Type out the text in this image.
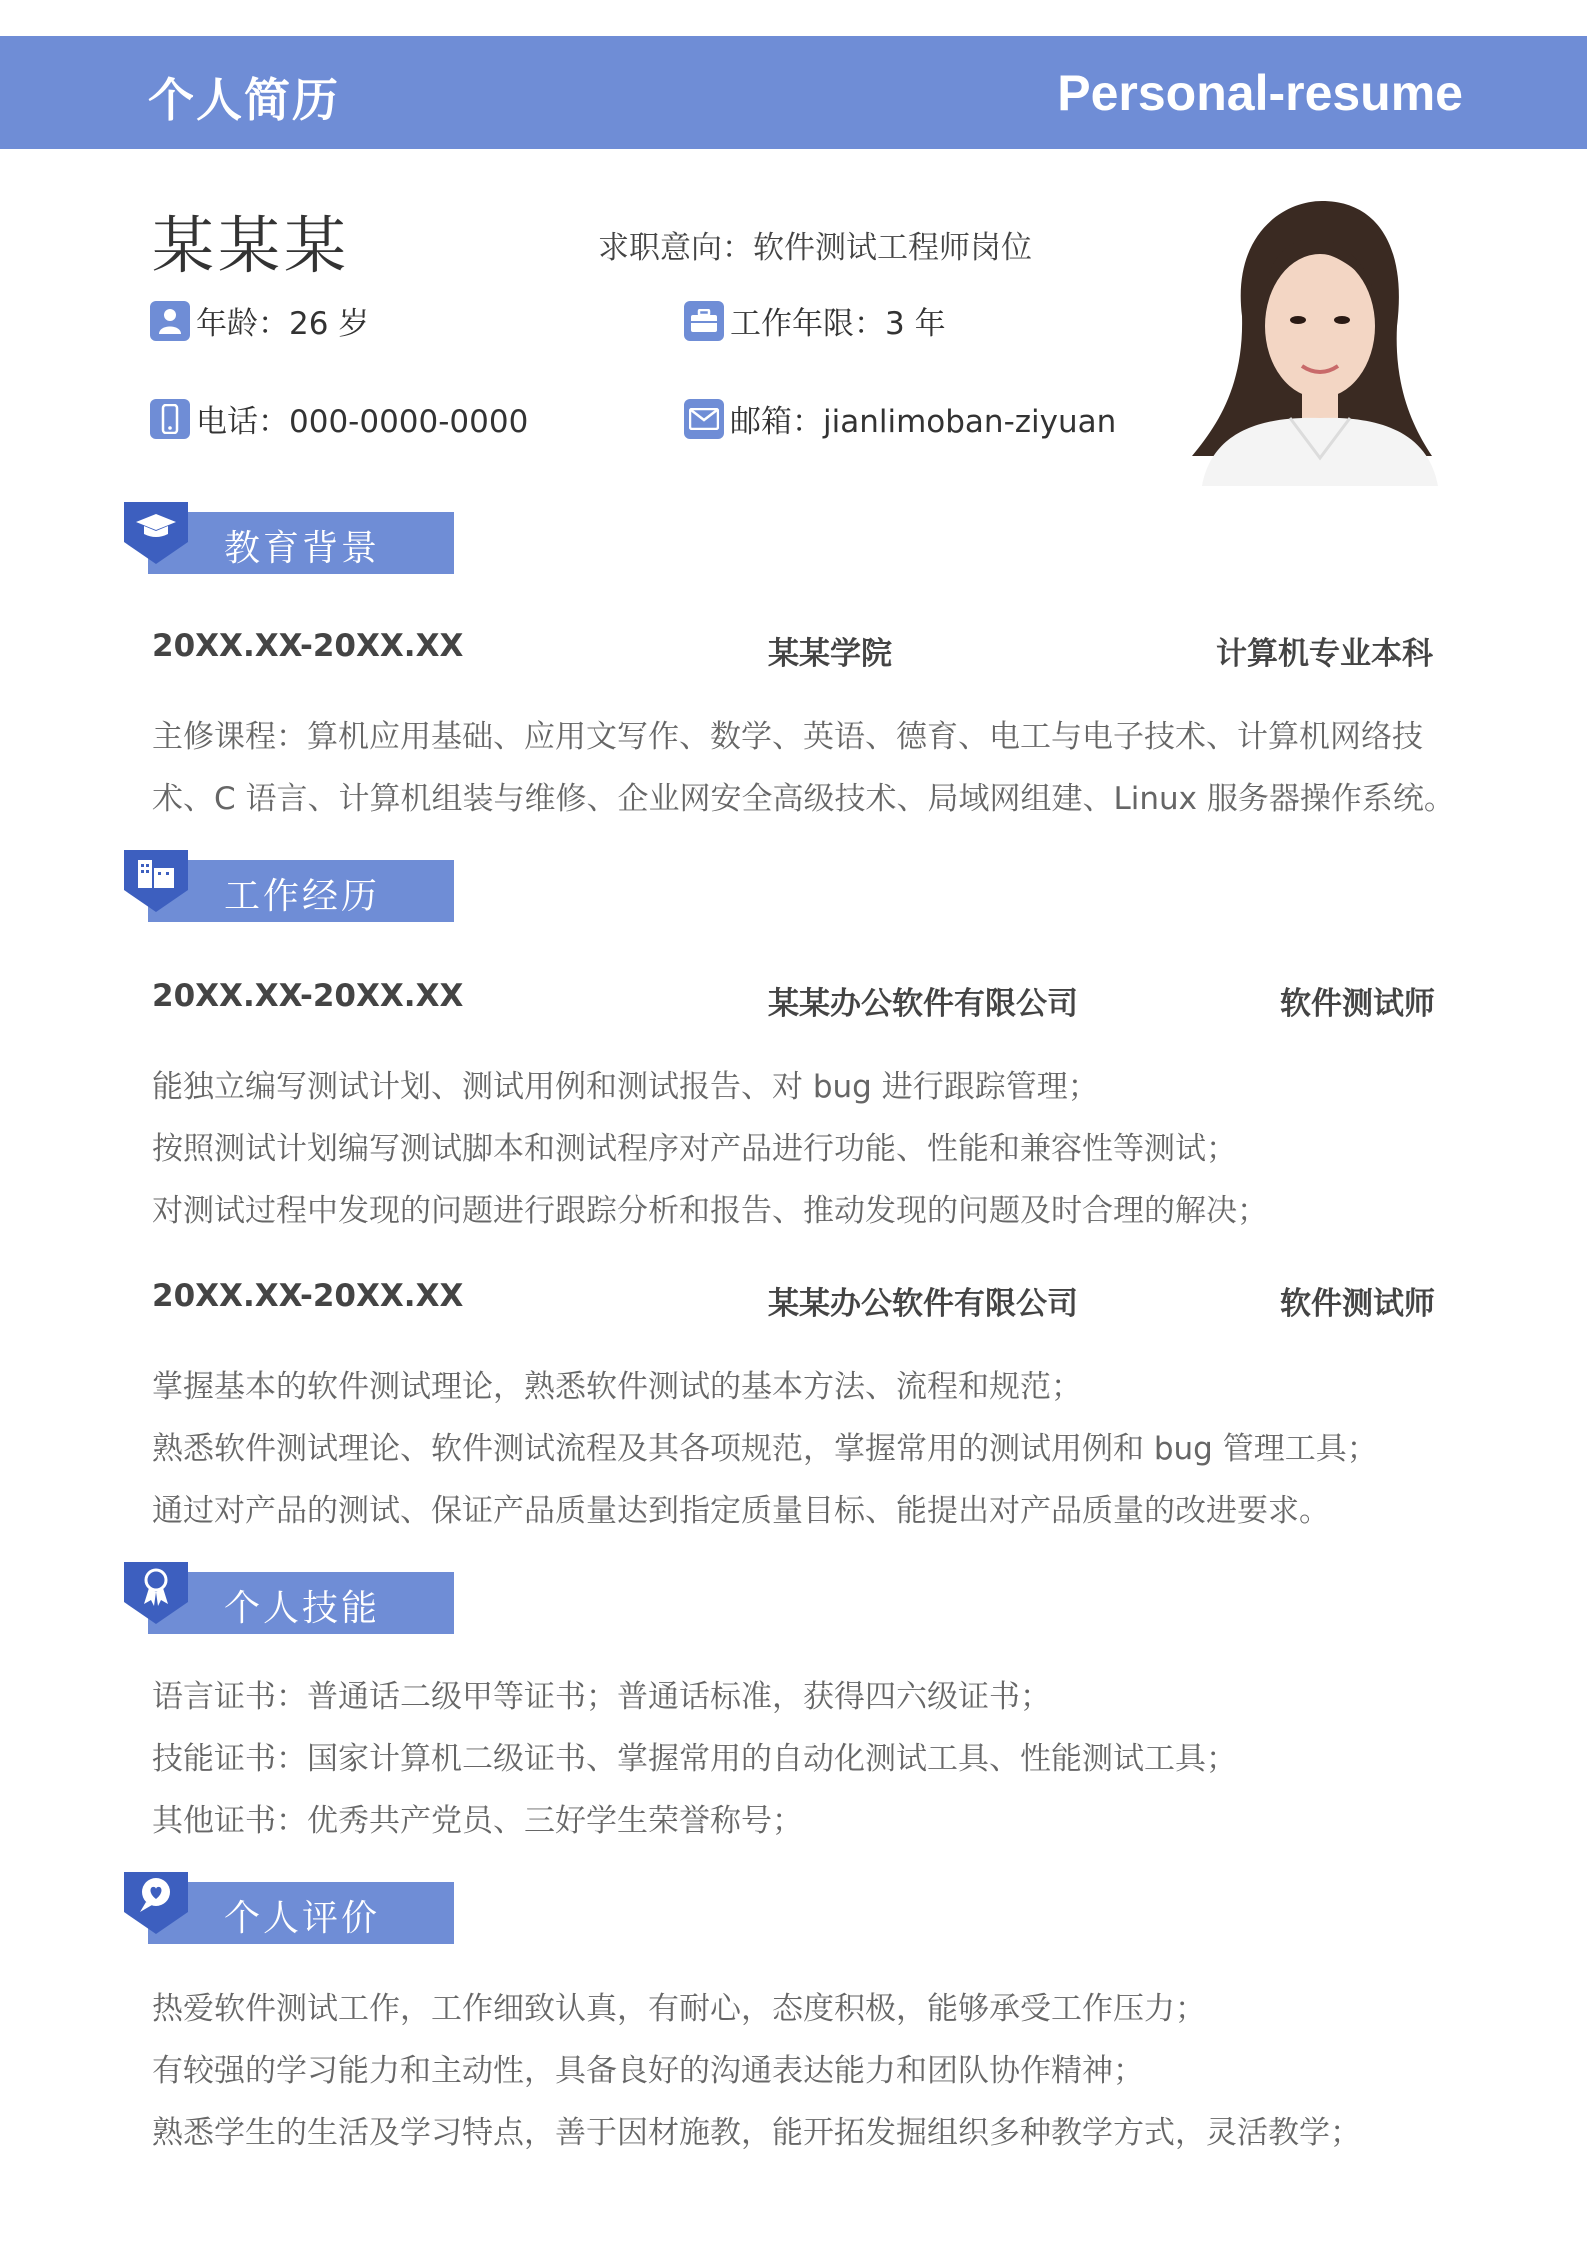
个人简历	Personal-resume
某某某	求职意向：软件测试工程师岗位
年龄：26 岁	工作年限：3 年
电话：000-0000-0000	邮箱：jianlimoban-ziyuan
教育背景
20XX.XX-20XX.XX	某某学院	计算机专业本科
主修课程：算机应用基础、应用文写作、数学、英语、德育、电工与电子技术、计算机网络技
术、C 语言、计算机组装与维修、企业网安全高级技术、局域网组建、Linux 服务器操作系统。
工作经历
20XX.XX-20XX.XX	某某办公软件有限公司	软件测试师
能独立编写测试计划、测试用例和测试报告、对 bug 进行跟踪管理；
按照测试计划编写测试脚本和测试程序对产品进行功能、性能和兼容性等测试；
对测试过程中发现的问题进行跟踪分析和报告、推动发现的问题及时合理的解决；
20XX.XX-20XX.XX	某某办公软件有限公司	软件测试师
掌握基本的软件测试理论，熟悉软件测试的基本方法、流程和规范；
熟悉软件测试理论、软件测试流程及其各项规范，掌握常用的测试用例和 bug 管理工具；
通过对产品的测试、保证产品质量达到指定质量目标、能提出对产品质量的改进要求。
个人技能
语言证书：普通话二级甲等证书；普通话标准，获得四六级证书；
技能证书：国家计算机二级证书、掌握常用的自动化测试工具、性能测试工具；
其他证书：优秀共产党员、三好学生荣誉称号；
个人评价
热爱软件测试工作，工作细致认真，有耐心，态度积极，能够承受工作压力；
有较强的学习能力和主动性，具备良好的沟通表达能力和团队协作精神；
熟悉学生的生活及学习特点，善于因材施教，能开拓发掘组织多种教学方式，灵活教学；
